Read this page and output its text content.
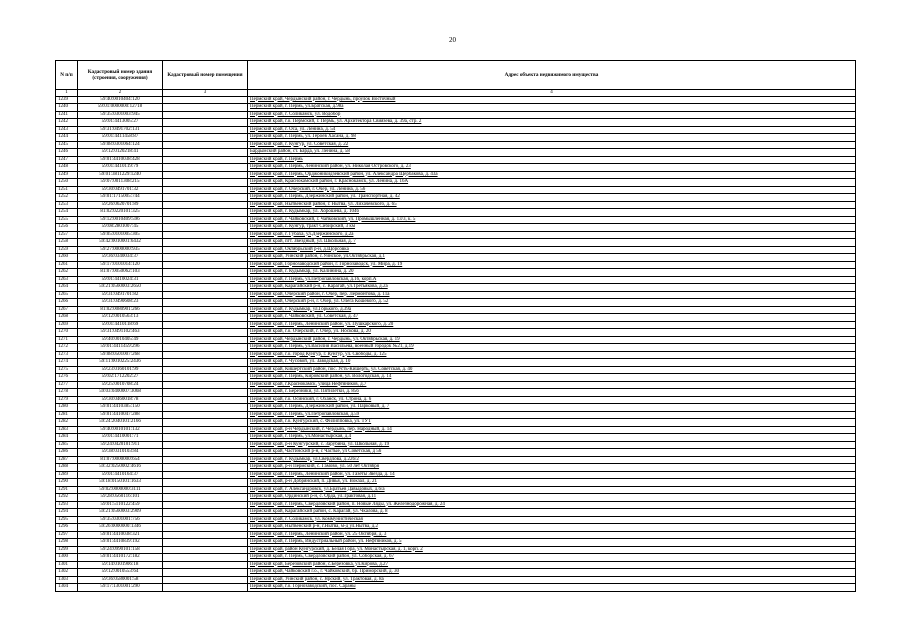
20
N п/п	Кадастровый номер здания (строения, сооружения)	Кадастровый номер помещения	Адрес объекта недвижимого имущества
1	2	3	4
1239	59:40:0010404:120		Пермский край, Чердынский район, г. Чердынь, проулок Восточный
1240	59:01:0000000:12718		Пермский край, г. Пермь, ул.Братская, д.98а
1241	59:35:0301003:945		Пермский край, г. Соликамск, ул. Водобор
1242	59:01:4413005:27		Пермский край, г.о. Пермский, г. Пермь, ул. Архитектора Свиязева, д. 39а, стр. 2
1243	59:31:0491702:131		Пермский край, г. Оса, ул. Ленина, д. 54
1244	59:01:4411458:87		Пермский край, г. Пермь, ул. Героев Хасана, д. 98
1245	59:08:0301064:124		Пермский край, г. Кунгур, ул. Советская, д. 22
1246	59:12:0120218:41		Бардымский район, ст. Барда, ул. Ленина, д. 58
1247	59:01:4410038:428		Пермский край, г. Пермь
1248	59:01:4410119:79		Пермский край, г. Пермь, Ленинский район, ул. Николая Островского, д. 23
1249	59:01:3811229:1240		Пермский край, г. Пермь, Орджоникидзевский район, ул. Александра Щербакова, д. 43а
1250	59:07:0011308:215		Пермский край, Краснокамский район, г. Краснокамск, ул. Ленина, д. 16А
1251	59:30:0491701:32		Пермский край, г. Очерский, г. Очер, ул. Ленина, д. 56
1252	59:01:1715005:744		Пермский край, г. Пермь, Дзержинский район, ул. Транспортная, д. 42
1253	59:26:0620701:89		Пермский край, Нытвенский район, г. Нытва, ул. Лихачёвского, д. 65
1254	81:02:0220101:325		Пермский край, г. Кудымкар, ул. Хорошева, д. 104б
1255	59:12:0010409:596		Пермский край, г. Чайковский, г. Чайковский, ул. Промышленная, д. 13/3, к. 5
1256	59:08:2801007:45		Пермский край, г. Кунгур, тракт Сибирский, 3 км
1257	59:05:0101005:305		Пермский край, г. Губаха, ул.Дзержинского, д.2а
1258	59:42:0010001:6432		Пермский край, пгт. Звездный, ул. Школьная, д. 7
1259	59:27:0000000:935		Пермский край, Октябрьский р-н, д.Щорсовка
1260	59:36:0340034:37		Пермский край, Уинский район, с.Уинское, ул.Октябрьская, д.1
1261	59:17:0101014:120		Пермский край, Горнозаводский район, г. Горнозаводск, ул. Мира, д. 19
1262	81:07:0050062:103		Пермский край, г. Кудымкар, ул. Калинина, д. 20
1263	59:01:4410024:31		Пермский край, г. Пермь, ул.Петропавловская, д.16, корп.А
1264	59:21:0560003:2650		Пермский край, Карагайский р-н, с. Карагай, ул.Третьякова, д.2а
1265	59:31:0491701:82		Пермский край, Очерский район, г. Очер, пер. Лермонтова, д. 11а
1266	59:31:0490608:23		Пермский край, Очерский р-н, г. Очер, ул. Олега Кошевого, д. 52
1267	81:02:0080901:266		Пермский край, г. Кудымкар, ул.Горького, д.39а
1268	59:12:0010563:13		Пермский край, г. Чайковский, ул. Советская, д. 47
1269	59:01:4410118:69		Пермский край, г. Пермь, Ленинский район, ул. Пушкарского, д. 20
1270	59:31:0491102:463		Пермский край, г.о. Очерский, г. Очер, ул. Носкова, д. 20
1271	59:40:0010405:49		Пермский край, Чердынский район, г. Чердынь, ул. Октябрьская, д. 19
1272	59:01:4411459:296		Пермский край, г. Пермь, ул.Василия Васильева, военный городок №21, д.19
1273	59:08:0501007:268		Пермский край, г.о. город Кунгур, г. Кунгур, ул. Свободы, д. 125
1274	59:11:0010225:2436		Пермский край, г. Чусовой, ул. Заводская, д. 10
1275	59:23:0160101:99		Пермский край, Кишертский район, пос. Усть-Кишерть, ул. Советская, д. 40
1276	59:02:1712202:27		Пермский край, г. Пермь, Кировский район, ул. Вологодская, д. 14
1277	59:25:0010708:24		Пермский край, г.Краснокамск, улица Нефтяников, д.7
1278	59:03:0400007:3068		Пермский край, г. Березники, ул. Пятилетки, д. 85б
1279	59:30:0460018:78		Пермский край, г.о. Осинский, г. Оханск, ул. Строна, д. 6
1280	59:01:4410385:150		Пермский край, г. Пермь, Дзержинский район, ул. Парковый, д. 7
1281	59:01:4410047:288		Пермский край, г. Пермь, ул.Петропавловская, д.59
1282	59:24:2040101:2166		Пермский край, г.о. Кунгурский, с. Филипповка, ул. ТУТ
1283	59:40:0010101:132		Пермский край, р-н Чердынский, г. Чердынь, пер. Народный, д. 14
1284	59:01:4410001:71		Пермский край, г. Пермь, ул.Монастырская, д.4
1285	59:24:0420101:911		Пермский край, р-н Кунгурский, с. Зарубина, ул. Школьная, д. 19
1286	59:38:0310103:84		Пермский край, Частинский р-н, с Частые, ул Советская, д 56
1287	81:07:0000000:654		Пермский край, г. Кудымкар, ул.Свердлова, д.22б/2
1288	59:32:0250002:4616		Пермский край, р-н Пермский, с. Гамово, ул. 50 лет Октября
1289	59:01:4410164:37		Пермский край, г. Пермь, Ленинский район, ул. Газеты Звезда, д. 14
1290	59:18:0150101:1633		Пермский край, р-н Добрянский, п. Дивья, ул. Вокзал, д. 21
1291	59:02:0000000:3111		Пермский край, г. Александровск, ул.Братьев Давыдовых, д.6/а
1292	59:28:0560116:101		Пермский край, Ординский р-н, с. Орда, ул.Трактовая, д.11
1293	59:01:5110122:459		Пермский край, г. Пермь, Свердловский район, п. Новые Ляды, ул. Железнодорожная, д. 24
1294	59:21:0560003:2909		Пермский край, Карагайский район, с. Карагай, ул. Чкалова, д. 8
1295	59:35:0301001:756		Пермский край, г. Соликамск, ул. Коммунистическая
1296	59:26:0000000:1346		Пермский край, Нытвенский р-н, г.Нытва, м-д ул.Нытва, д.2
1297	59:01:4410038:321		Пермский край, г. Пермь, Ленинский район, ул. 25 Октября, д. 3
1298	59:01:4410839:192		Пермский край, г. Пермь, Индустриальный район, ул. Нефтяников, д. 5
1299	59:24:0990101:158		Пермский край, район Кунгурский, д. Белая Гора, ул. Монастырская, д. 1, корп. 2
1300	59:01:4410172:182		Пермский край, г. Пермь, Свердловский район, ул. Соборская, д. 67
1301	59:14:0101906:18		Пермский край, Березовский район, с.Березовка, ул.Кирова, д.27
1302	59:12:0010553:64		Пермский край, Чайковский г.о., г. Чайковский, бр. Приморский, д. 30
1303	59:36:0580001:58		Пермский край, Уинский район, с. Ярский, ул. Трактовая, д. 8а
1304	59:17:1301001:290		Пермский край, г.о. Горнозаводский, пос. Сараны
